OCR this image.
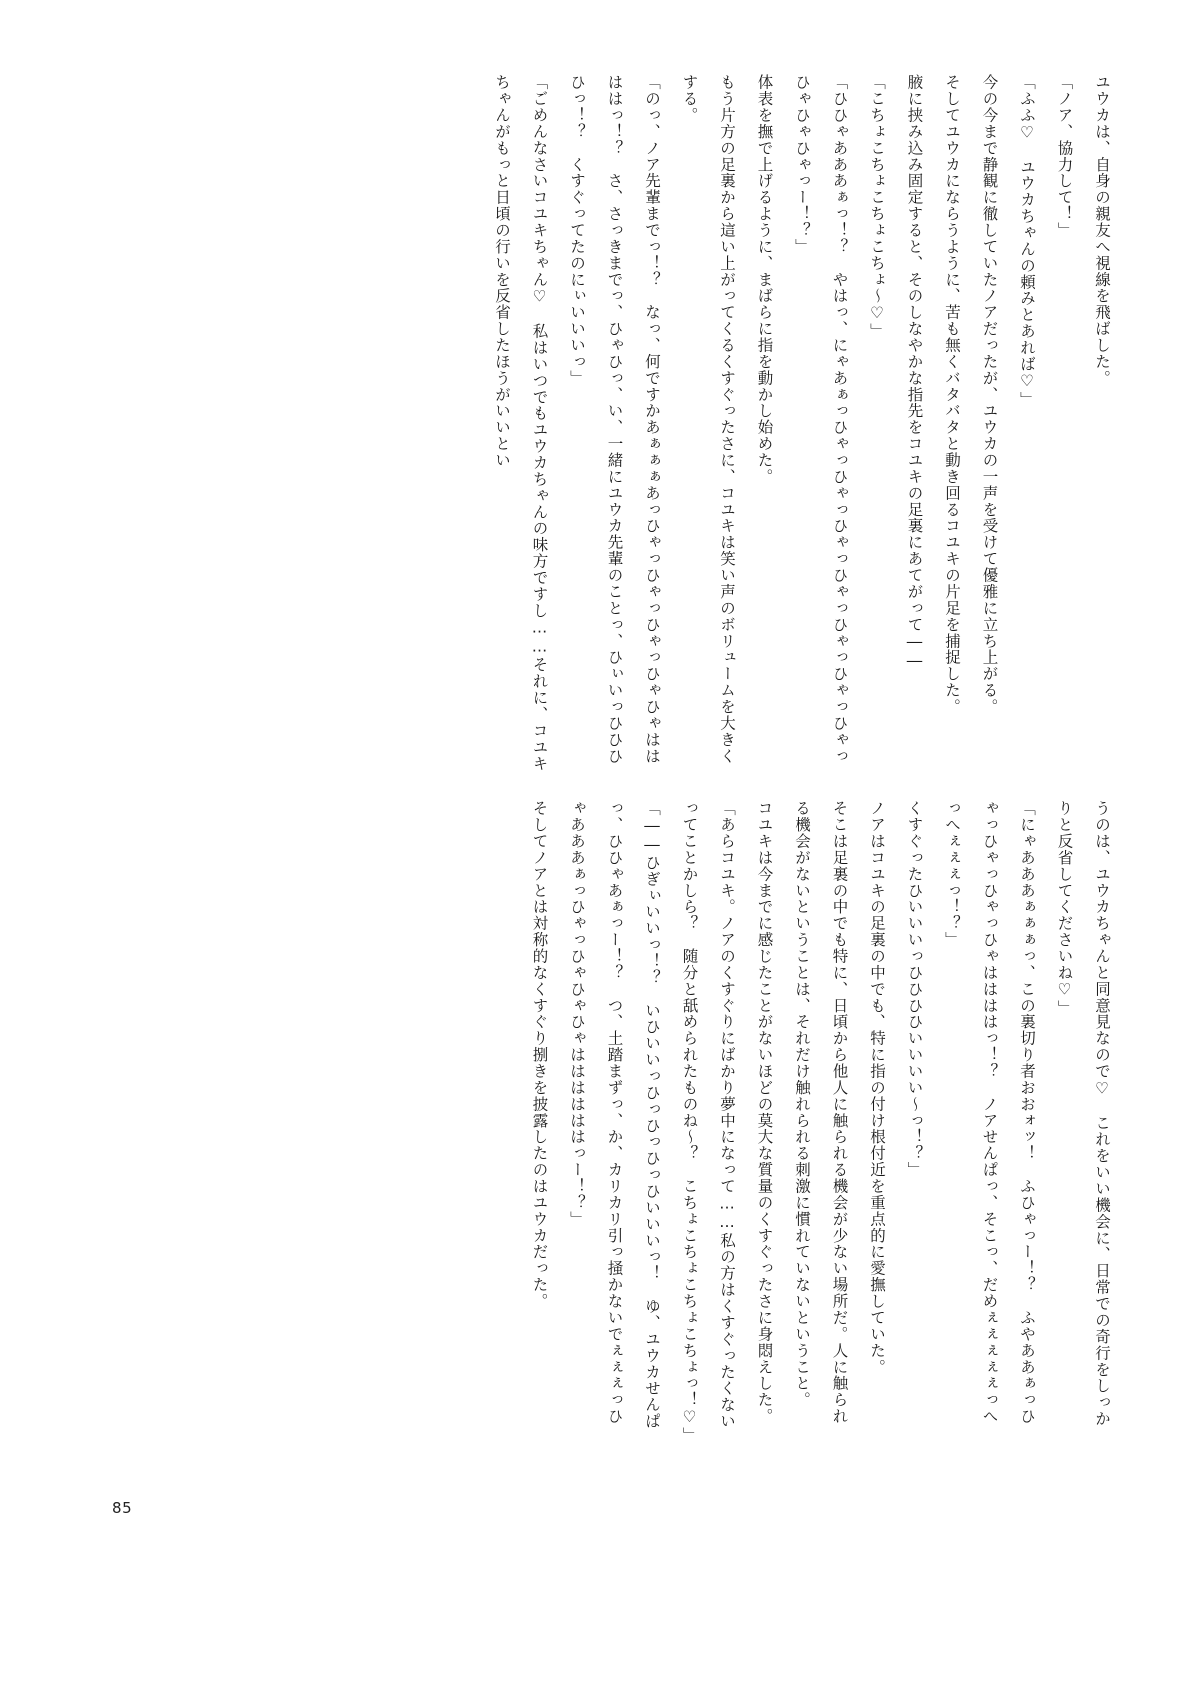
ユウカは、自身の親友へ視線を飛ばした。

「ノア、協力して！」

「ふふ♡　ユウカちゃんの頼みとあれば♡」

今の今まで静観に徹していたノアだったが、ユウカの一声を受けて優雅に立ち上がる。

そしてユウカにならうように、苦も無くバタバタと動き回るコユキの片足を捕捉した。

腋に挟み込み固定すると、そのしなやかな指先をコユキの足裏にあてがって――

「こちょこちょこちょこちょ～♡」

「ひひゃあああぁっ！？　やはっ、にゃあぁっひゃっひゃっひゃっひゃっひゃっひゃっひゃっひゃひゃひゃっー！？」

体表を撫で上げるように、まばらに指を動かし始めた。

もう片方の足裏から這い上がってくるくすぐったさに、コユキは笑い声のボリュームを大きくする。

「のっ、ノア先輩までっ！？　なっ、何ですかあぁぁぁあっひゃっひゃっひゃっひゃひゃははははっ！？　さ、さっきまでっ、ひゃひっ、い、一緒にユウカ先輩のことっ、ひぃいっひひひひっ！？　くすぐってたのにぃいいいっ」

「ごめんなさいコユキちゃん♡　私はいつでもユウカちゃんの味方ですし……それに、コユキちゃんがもっと日頃の行いを反省したほうがいいとい

うのは、ユウカちゃんと同意見なので♡　これをいい機会に、日常での奇行をしっかりと反省してくださいね♡」

「にゃあああぁぁぁっ、この裏切り者おおォッ！　ふひゃっー！？　ふやああぁっひゃっひゃっひゃっひゃははははっ！？　ノアせんぱっ、そこっ、だめぇぇぇぇぇっへっへぇぇぇっ！？」

くすぐったひいいいっひひひひいいいい～っ！？」

ノアはコユキの足裏の中でも、特に指の付け根付近を重点的に愛撫していた。

そこは足裏の中でも特に、日頃から他人に触られる機会が少ない場所だ。人に触られる機会がないということは、それだけ触れられる刺激に慣れていないということ。

コユキは今までに感じたことがないほどの莫大な質量のくすぐったさに身悶えした。

「あらコユキ。ノアのくすぐりにばかり夢中になって……私の方はくすぐったくないってことかしら？　随分と舐められたものね～？　こちょこちょこちょこちょっ！♡」

「――ひぎぃいいっ！？　いひいいっひっひっひっひいいいっ！　ゆ、ユウカせんぱっ、ひひゃあぁっー！？　つ、土踏まずっ、か、カリカリ引っ掻かないでぇぇぇっひゃあああぁっひゃっひゃひゃひゃははははははっー！？」

そしてノアとは対称的なくすぐり捌きを披露したのはユウカだった。

85
